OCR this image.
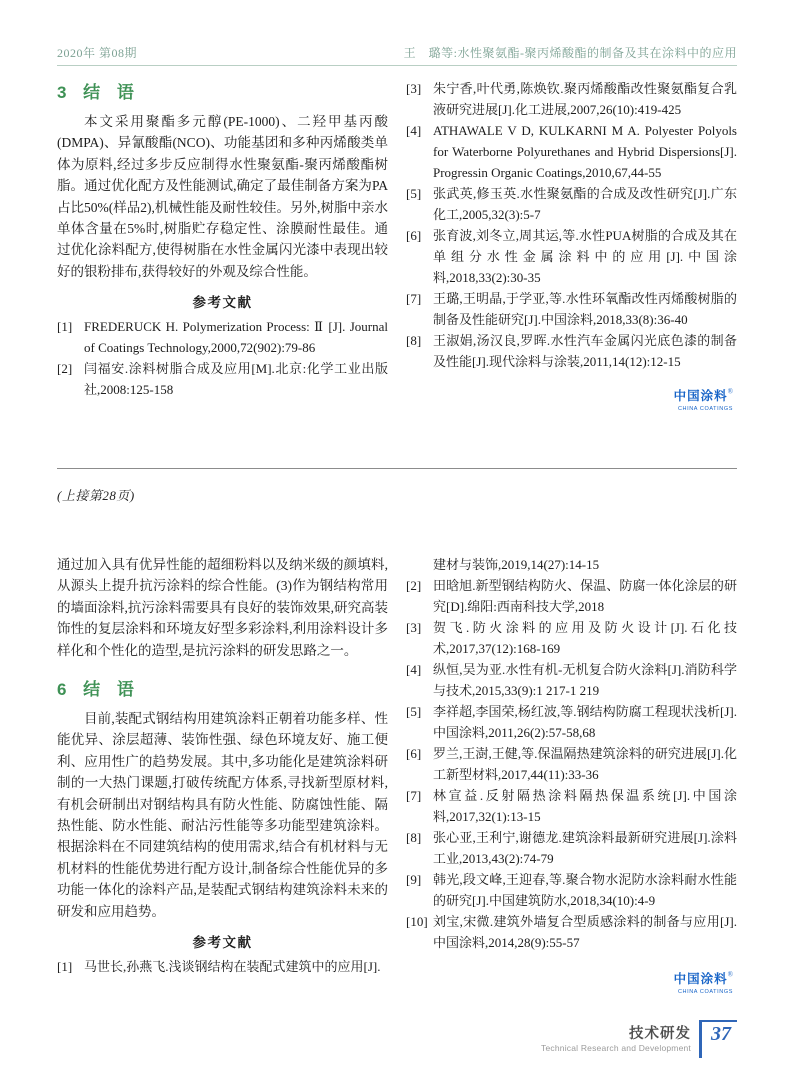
2020年 第08期	王　璐等:水性聚氨酯-聚丙烯酸酯的制备及其在涂料中的应用
3 结 语
本文采用聚酯多元醇(PE-1000)、二羟甲基丙酸(DMPA)、异氰酸酯(NCO)、功能基团和多种丙烯酸类单体为原料,经过多步反应制得水性聚氨酯-聚丙烯酸酯树脂。通过优化配方及性能测试,确定了最佳制备方案为PA占比50%(样品2),机械性能及耐性较佳。另外,树脂中亲水单体含量在5%时,树脂贮存稳定性、涂膜耐性最佳。通过优化涂料配方,使得树脂在水性金属闪光漆中表现出较好的银粉排布,获得较好的外观及综合性能。
参考文献
[1] FREDERUCK H. Polymerization Process: Ⅱ [J]. Journal of Coatings Technology,2000,72(902):79-86
[2] 闫福安.涂料树脂合成及应用[M].北京:化学工业出版社,2008:125-158
[3] 朱宁香,叶代勇,陈焕钦.聚丙烯酸酯改性聚氨酯复合乳液研究进展[J].化工进展,2007,26(10):419-425
[4] ATHAWALE V D, KULKARNI M A. Polyester Polyols for Waterborne Polyurethanes and Hybrid Dispersions[J]. Progressin Organic Coatings,2010,67,44-55
[5] 张武英,修玉英.水性聚氨酯的合成及改性研究[J].广东化工,2005,32(3):5-7
[6] 张育波,刘冬立,周其运,等.水性PUA树脂的合成及其在单组分水性金属涂料中的应用[J].中国涂料,2018,33(2):30-35
[7] 王璐,王明晶,于学亚,等.水性环氧酯改性丙烯酸树脂的制备及性能研究[J].中国涂料,2018,33(8):36-40
[8] 王淑娟,汤汉良,罗晖.水性汽车金属闪光底色漆的制备及性能[J].现代涂料与涂装,2011,14(12):12-15
中国涂料®
CHINA COATINGS
(上接第28页)
通过加入具有优异性能的超细粉料以及纳米级的颜填料,从源头上提升抗污涂料的综合性能。(3)作为钢结构常用的墙面涂料,抗污涂料需要具有良好的装饰效果,研究高装饰性的复层涂料和环境友好型多彩涂料,利用涂料设计多样化和个性化的造型,是抗污涂料的研发思路之一。
6 结 语
目前,装配式钢结构用建筑涂料正朝着功能多样、性能优异、涂层超薄、装饰性强、绿色环境友好、施工便利、应用性广的趋势发展。其中,多功能化是建筑涂料研制的一大热门课题,打破传统配方体系,寻找新型原材料,有机会研制出对钢结构具有防火性能、防腐蚀性能、隔热性能、防水性能、耐沾污性能等多功能型建筑涂料。根据涂料在不同建筑结构的使用需求,结合有机材料与无机材料的性能优势进行配方设计,制备综合性能优异的多功能一体化的涂料产品,是装配式钢结构建筑涂料未来的研发和应用趋势。
参考文献
[1] 马世长,孙燕飞.浅谈钢结构在装配式建筑中的应用[J].
建材与装饰,2019,14(27):14-15
[2] 田晗旭.新型钢结构防火、保温、防腐一体化涂层的研究[D].绵阳:西南科技大学,2018
[3] 贺飞.防火涂料的应用及防火设计[J].石化技术,2017,37(12):168-169
[4] 纵恒,吴为亚.水性有机-无机复合防火涂料[J].消防科学与技术,2015,33(9):1 217-1 219
[5] 李祥超,李国荣,杨红波,等.钢结构防腐工程现状浅析[J].中国涂料,2011,26(2):57-58,68
[6] 罗兰,王澍,王健,等.保温隔热建筑涂料的研究进展[J].化工新型材料,2017,44(11):33-36
[7] 林宣益.反射隔热涂料隔热保温系统[J].中国涂料,2017,32(1):13-15
[8] 张心亚,王利宁,谢德龙.建筑涂料最新研究进展[J].涂料工业,2013,43(2):74-79
[9] 韩光,段文峰,王迎春,等.聚合物水泥防水涂料耐水性能的研究[J].中国建筑防水,2018,34(10):4-9
[10] 刘宝,宋微.建筑外墙复合型质感涂料的制备与应用[J].中国涂料,2014,28(9):55-57
中国涂料®
CHINA COATINGS
技术研发
Technical Research and Development
37
